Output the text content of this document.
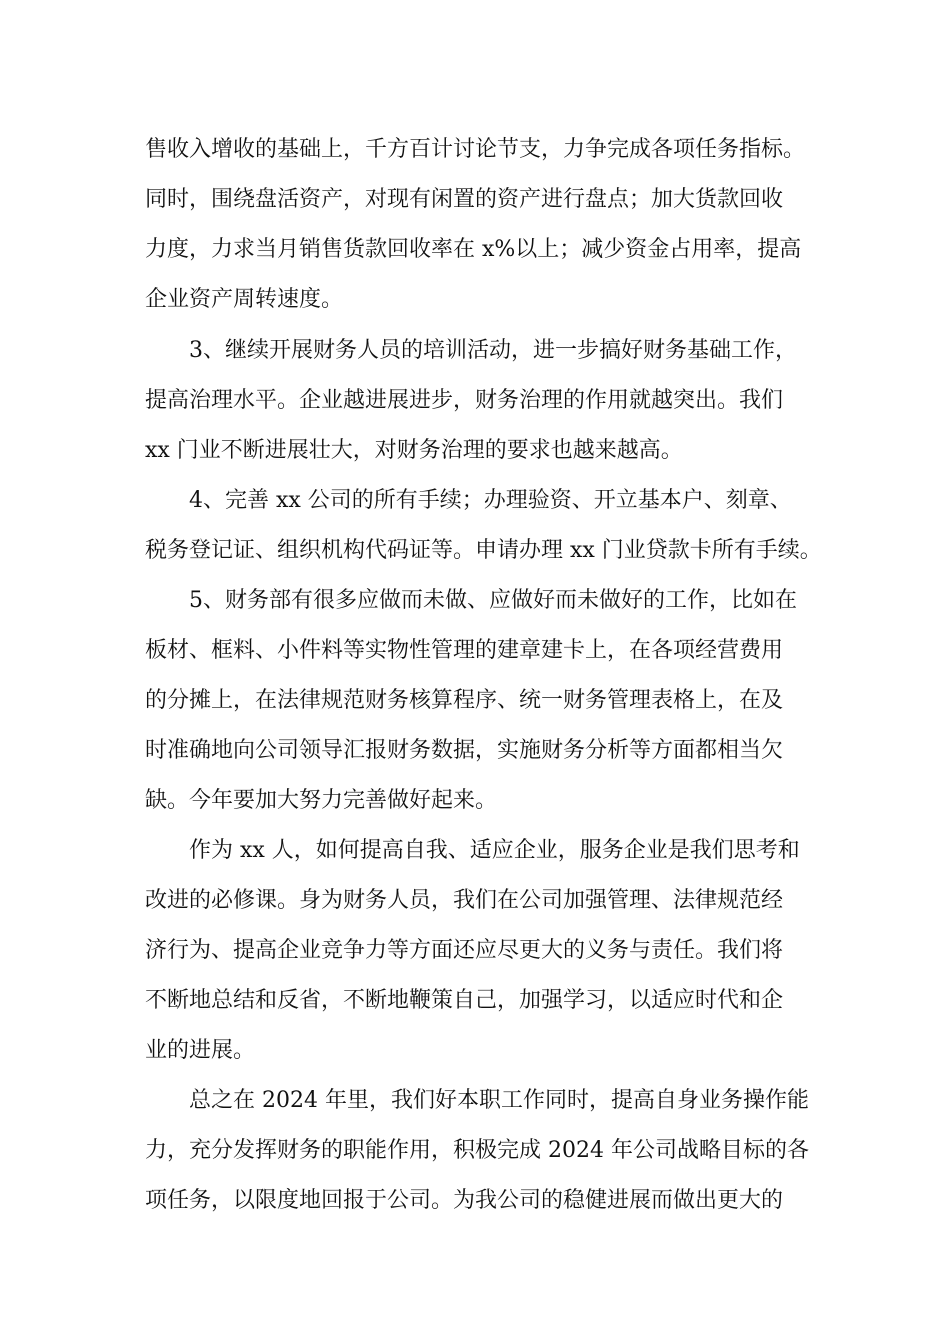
售收入增收的基础上，千方百计讨论节支，力争完成各项任务指标。
同时，围绕盘活资产，对现有闲置的资产进行盘点；加大货款回收
力度，力求当月销售货款回收率在 x%以上；减少资金占用率，提高
企业资产周转速度。
3、继续开展财务人员的培训活动，进一步搞好财务基础工作，
提高治理水平。企业越进展进步，财务治理的作用就越突出。我们
xx 门业不断进展壮大，对财务治理的要求也越来越高。
4、完善 xx 公司的所有手续；办理验资、开立基本户、刻章、
税务登记证、组织机构代码证等。申请办理 xx 门业贷款卡所有手续。
5、财务部有很多应做而未做、应做好而未做好的工作，比如在
板材、框料、小件料等实物性管理的建章建卡上，在各项经营费用
的分摊上，在法律规范财务核算程序、统一财务管理表格上，在及
时准确地向公司领导汇报财务数据，实施财务分析等方面都相当欠
缺。今年要加大努力完善做好起来。
作为 xx 人，如何提高自我、适应企业，服务企业是我们思考和
改进的必修课。身为财务人员，我们在公司加强管理、法律规范经
济行为、提高企业竞争力等方面还应尽更大的义务与责任。我们将
不断地总结和反省，不断地鞭策自己，加强学习，以适应时代和企
业的进展。
总之在 2024 年里，我们好本职工作同时，提高自身业务操作能
力，充分发挥财务的职能作用，积极完成 2024 年公司战略目标的各
项任务，以限度地回报于公司。为我公司的稳健进展而做出更大的
